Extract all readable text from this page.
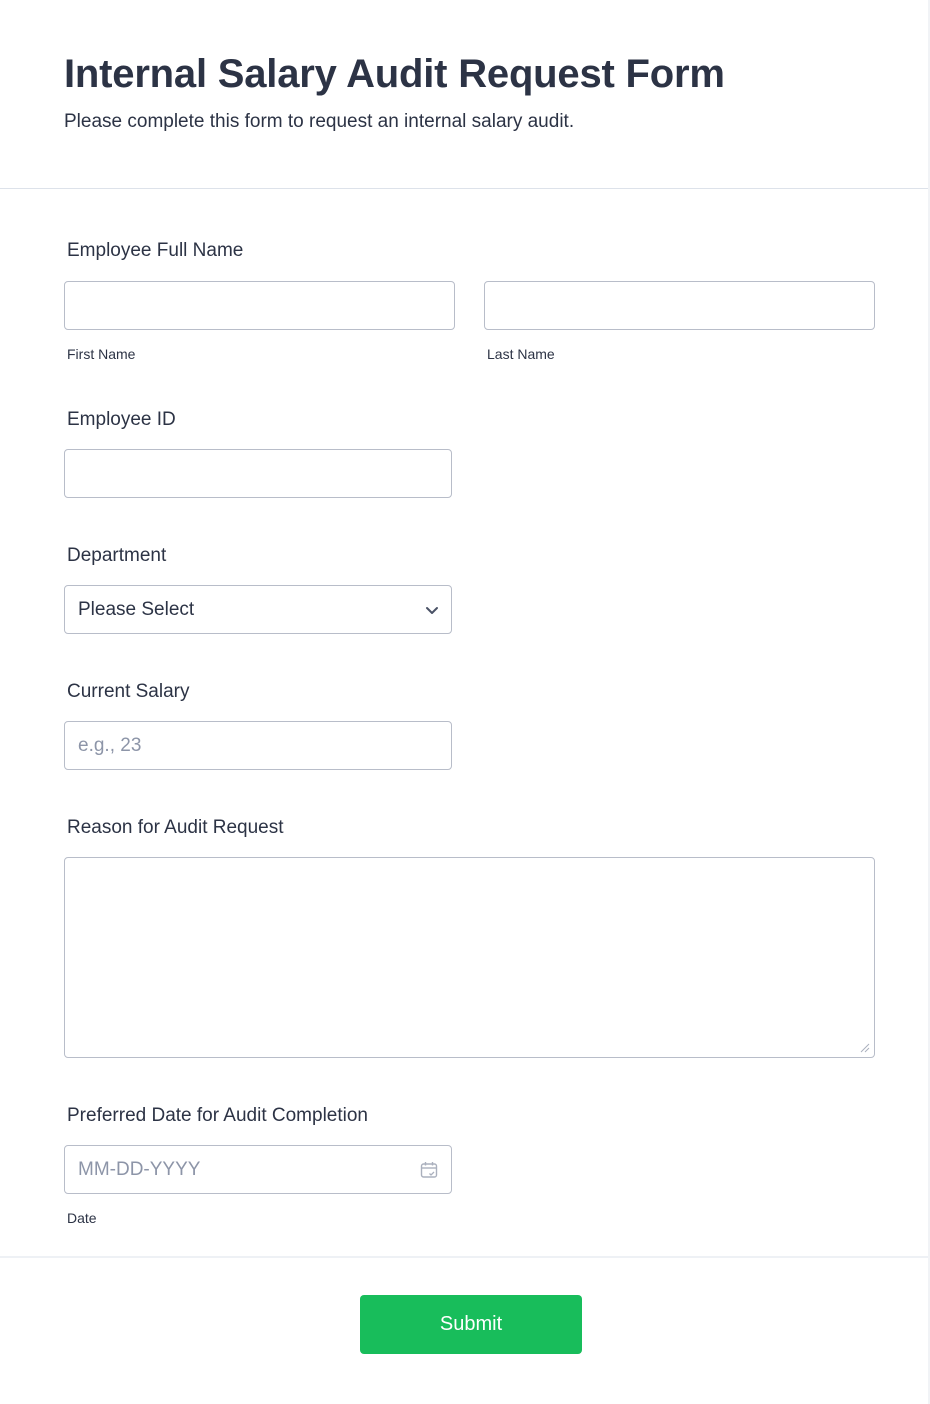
Internal Salary Audit Request Form

Please complete this form to request an internal salary audit.

Employee Full Name
First Name	Last Name
Employee ID
Department
Please Select
Current Salary
e.g., 23
Reason for Audit Request
Preferred Date for Audit Completion
MM-DD-YYYY
Date
Submit
